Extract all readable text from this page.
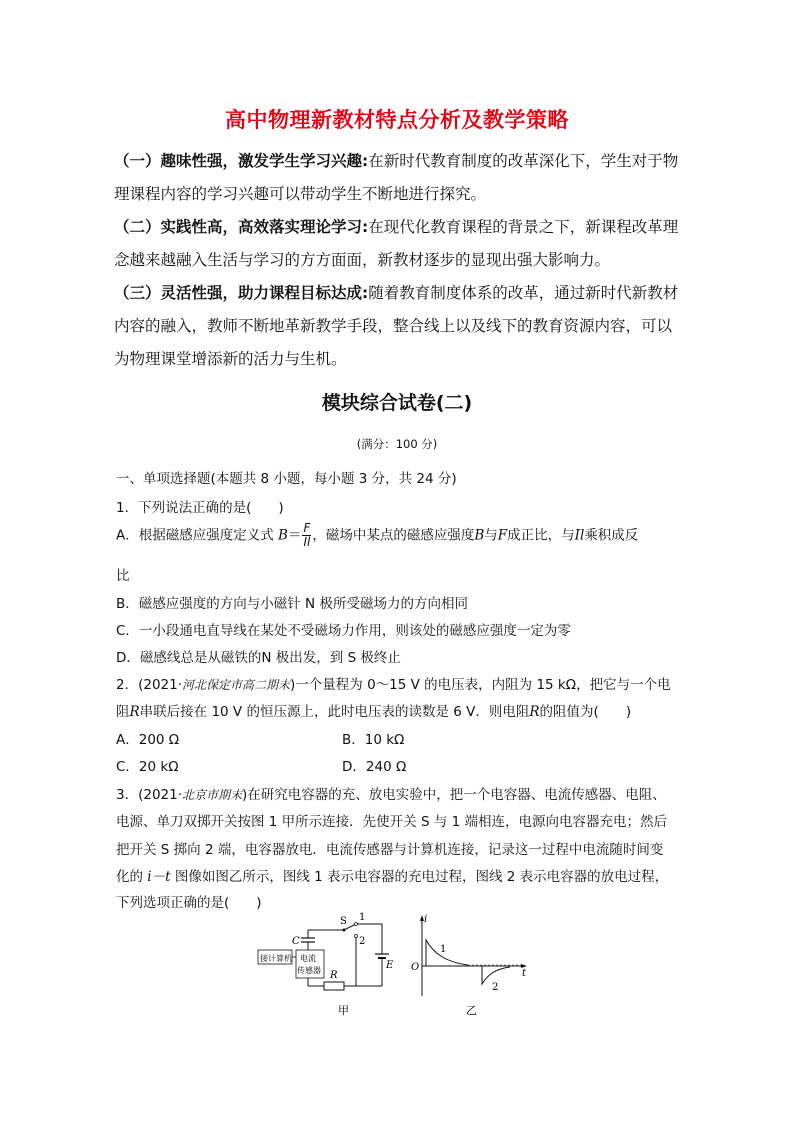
高中物理新教材特点分析及教学策略
（一）趣味性强，激发学生学习兴趣:在新时代教育制度的改革深化下，学生对于物理课程内容的学习兴趣可以带动学生不断地进行探究。
（二）实践性高，高效落实理论学习:在现代化教育课程的背景之下，新课程改革理念越来越融入生活与学习的方方面面，新教材逐步的显现出强大影响力。
（三）灵活性强，助力课程目标达成:随着教育制度体系的改革，通过新时代新教材内容的融入，教师不断地革新教学手段，整合线上以及线下的教育资源内容，可以为物理课堂增添新的活力与生机。
模块综合试卷(二)
(满分：100 分)
一、单项选择题(本题共 8 小题，每小题 3 分，共 24 分)
1．下列说法正确的是(　　)
A．根据磁感应强度定义式 $B= \frac{F}{Il}$ ，磁场中某点的磁感应强度B与F成正比，与Il乘积成反
比
B．磁感应强度的方向与小磁针 N 极所受磁场力的方向相同
C．一小段通电直导线在某处不受磁场力作用，则该处的磁感应强度一定为零
D．磁感线总是从磁铁的N 极出发，到 S 极终止
2．(2021·河北保定市高二期末)一个量程为 0～15 V 的电压表，内阻为 15 kΩ，把它与一个电
阻R串联后接在 10 V 的恒压源上，此时电压表的读数是 6 V．则电阻R的阻值为(　　)
A．200 Ω	B．10 kΩ
C．20 kΩ	D．240 Ω
3．(2021·北京市期末)在研究电容器的充、放电实验中，把一个电容器、电流传感器、电阻、
电源、单刀双掷开关按图 1 甲所示连接．先使开关 S 与 1 端相连，电源向电容器充电；然后
把开关 S 掷向 2 端，电容器放电．电流传感器与计算机连接，记录这一过程中电流随时间变
化的 i－t 图像如图乙所示，图线 1 表示电容器的充电过程，图线 2 表示电容器的放电过程，
下列选项正确的是(　　)
C
接计算机 电流
传感器 R
S 1
2
E
甲
i
t
O
1
2
乙
